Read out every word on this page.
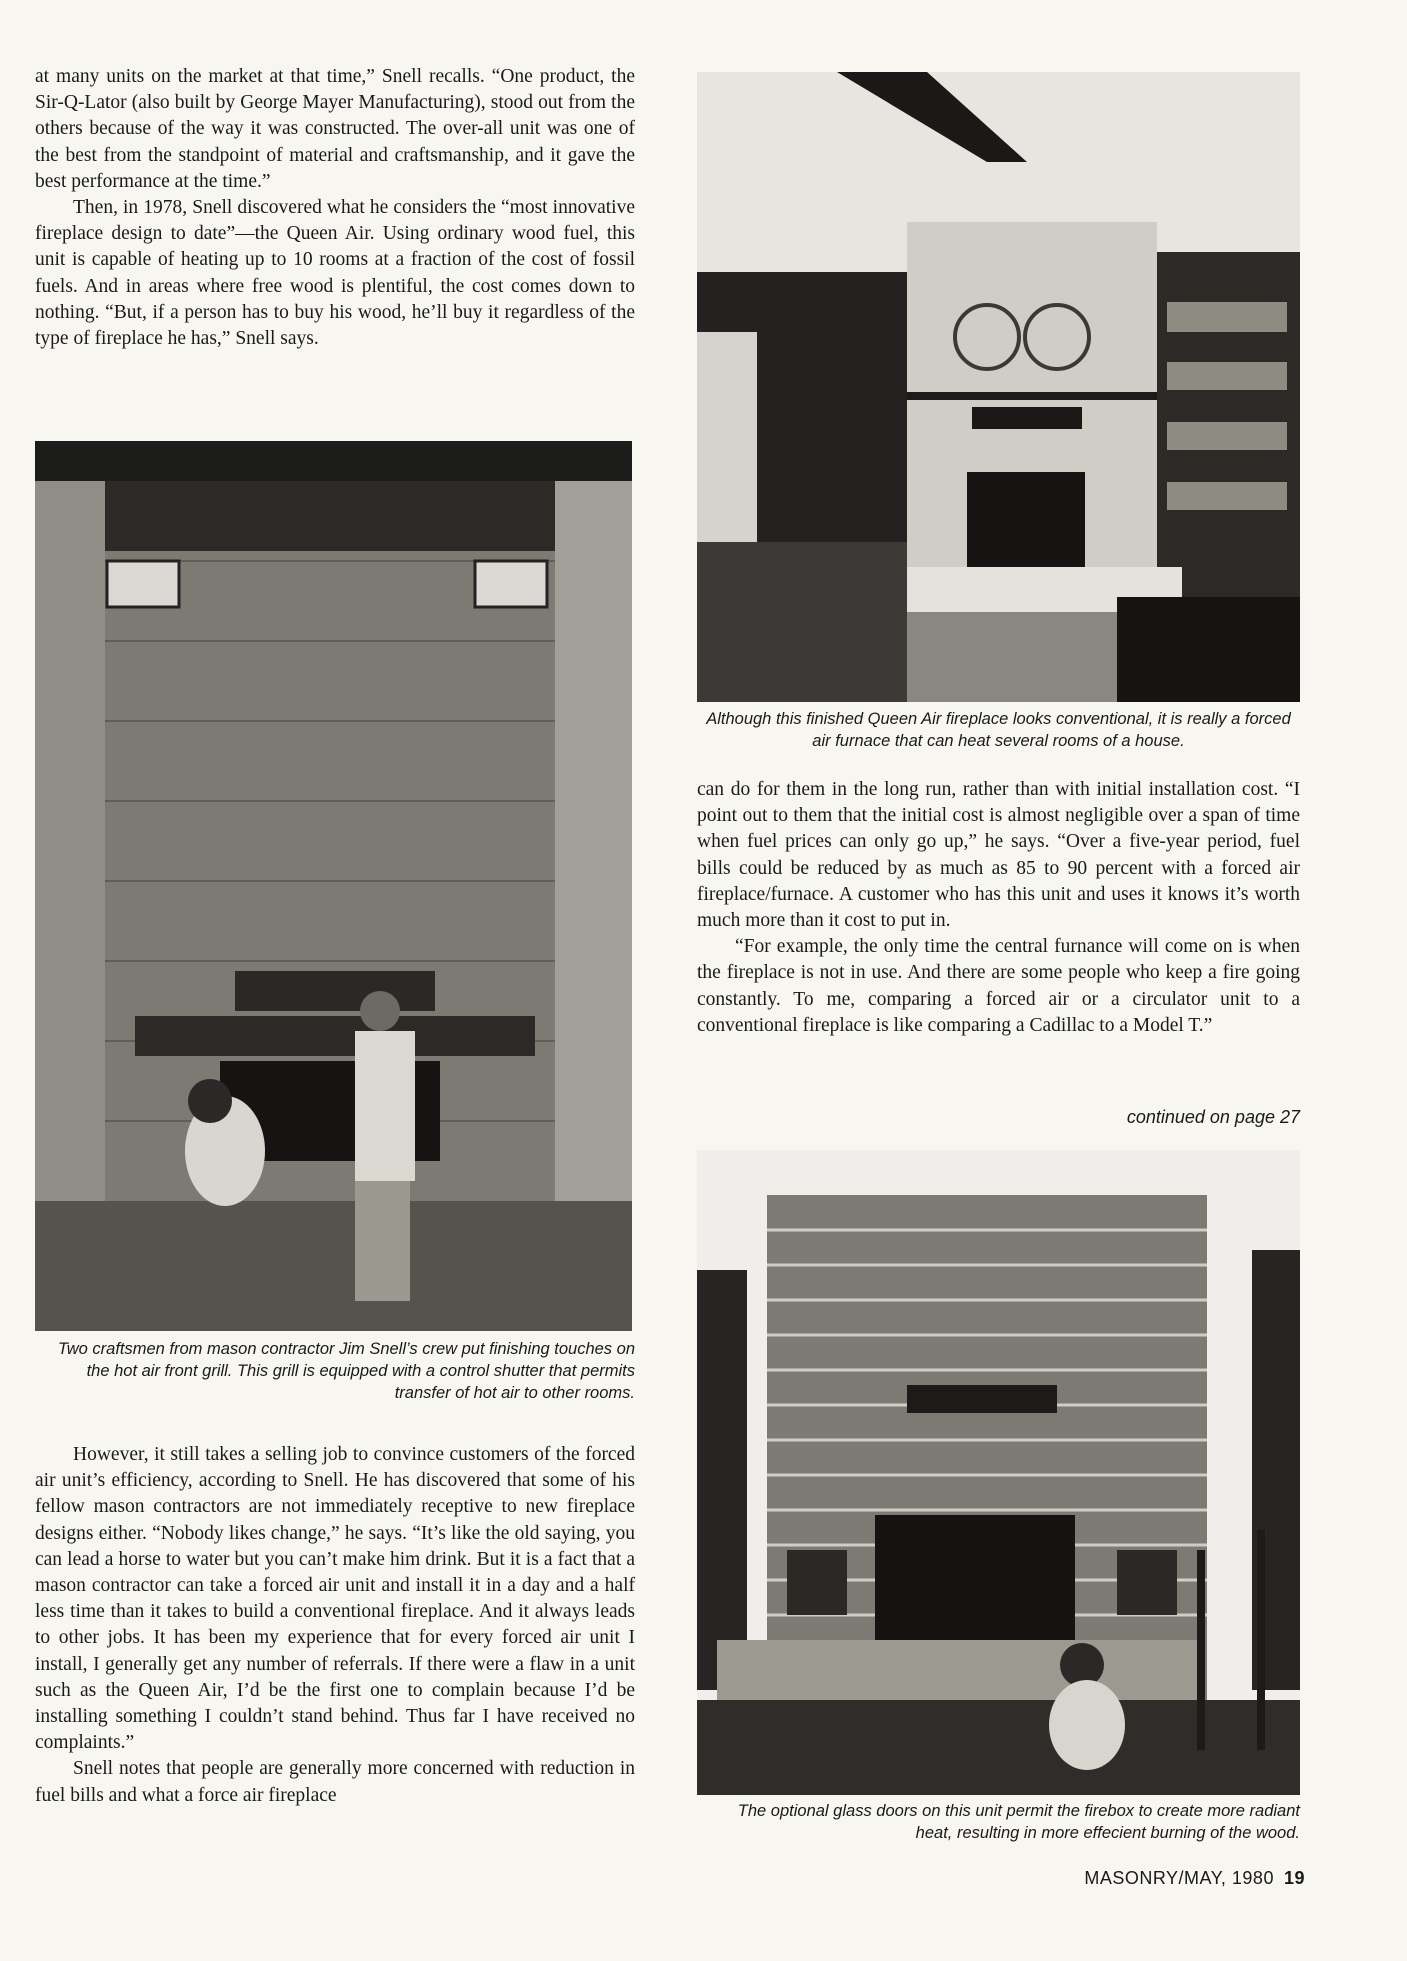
at many units on the market at that time,” Snell recalls. “One product, the Sir-Q-Lator (also built by George Mayer Manufacturing), stood out from the others because of the way it was constructed. The over-all unit was one of the best from the standpoint of material and craftsmanship, and it gave the best performance at the time.”

Then, in 1978, Snell discovered what he considers the “most innovative fireplace design to date”—the Queen Air. Using ordinary wood fuel, this unit is capable of heating up to 10 rooms at a fraction of the cost of fossil fuels. And in areas where free wood is plentiful, the cost comes down to nothing. “But, if a person has to buy his wood, he’ll buy it regardless of the type of fireplace he has,” Snell says.

Two craftsmen from mason contractor Jim Snell’s crew put finishing touches on the hot air front grill. This grill is equipped with a control shutter that permits transfer of hot air to other rooms.

However, it still takes a selling job to convince customers of the forced air unit’s efficiency, according to Snell. He has discovered that some of his fellow mason contractors are not immediately receptive to new fireplace designs either. “Nobody likes change,” he says. “It’s like the old saying, you can lead a horse to water but you can’t make him drink. But it is a fact that a mason contractor can take a forced air unit and install it in a day and a half less time than it takes to build a conventional fireplace. And it always leads to other jobs. It has been my experience that for every forced air unit I install, I generally get any number of referrals. If there were a flaw in a unit such as the Queen Air, I’d be the first one to complain because I’d be installing something I couldn’t stand behind. Thus far I have received no complaints.”

Snell notes that people are generally more concerned with reduction in fuel bills and what a force air fireplace

Although this finished Queen Air fireplace looks conventional, it is really a forced air furnace that can heat several rooms of a house.

can do for them in the long run, rather than with initial installation cost. “I point out to them that the initial cost is almost negligible over a span of time when fuel prices can only go up,” he says. “Over a five-year period, fuel bills could be reduced by as much as 85 to 90 percent with a forced air fireplace/furnace. A customer who has this unit and uses it knows it’s worth much more than it cost to put in.

“For example, the only time the central furnance will come on is when the fireplace is not in use. And there are some people who keep a fire going constantly. To me, comparing a forced air or a circulator unit to a conventional fireplace is like comparing a Cadillac to a Model T.”

continued on page 27
The optional glass doors on this unit permit the firebox to create more radiant heat, resulting in more effecient burning of the wood.
MASONRY/MAY, 1980 19
